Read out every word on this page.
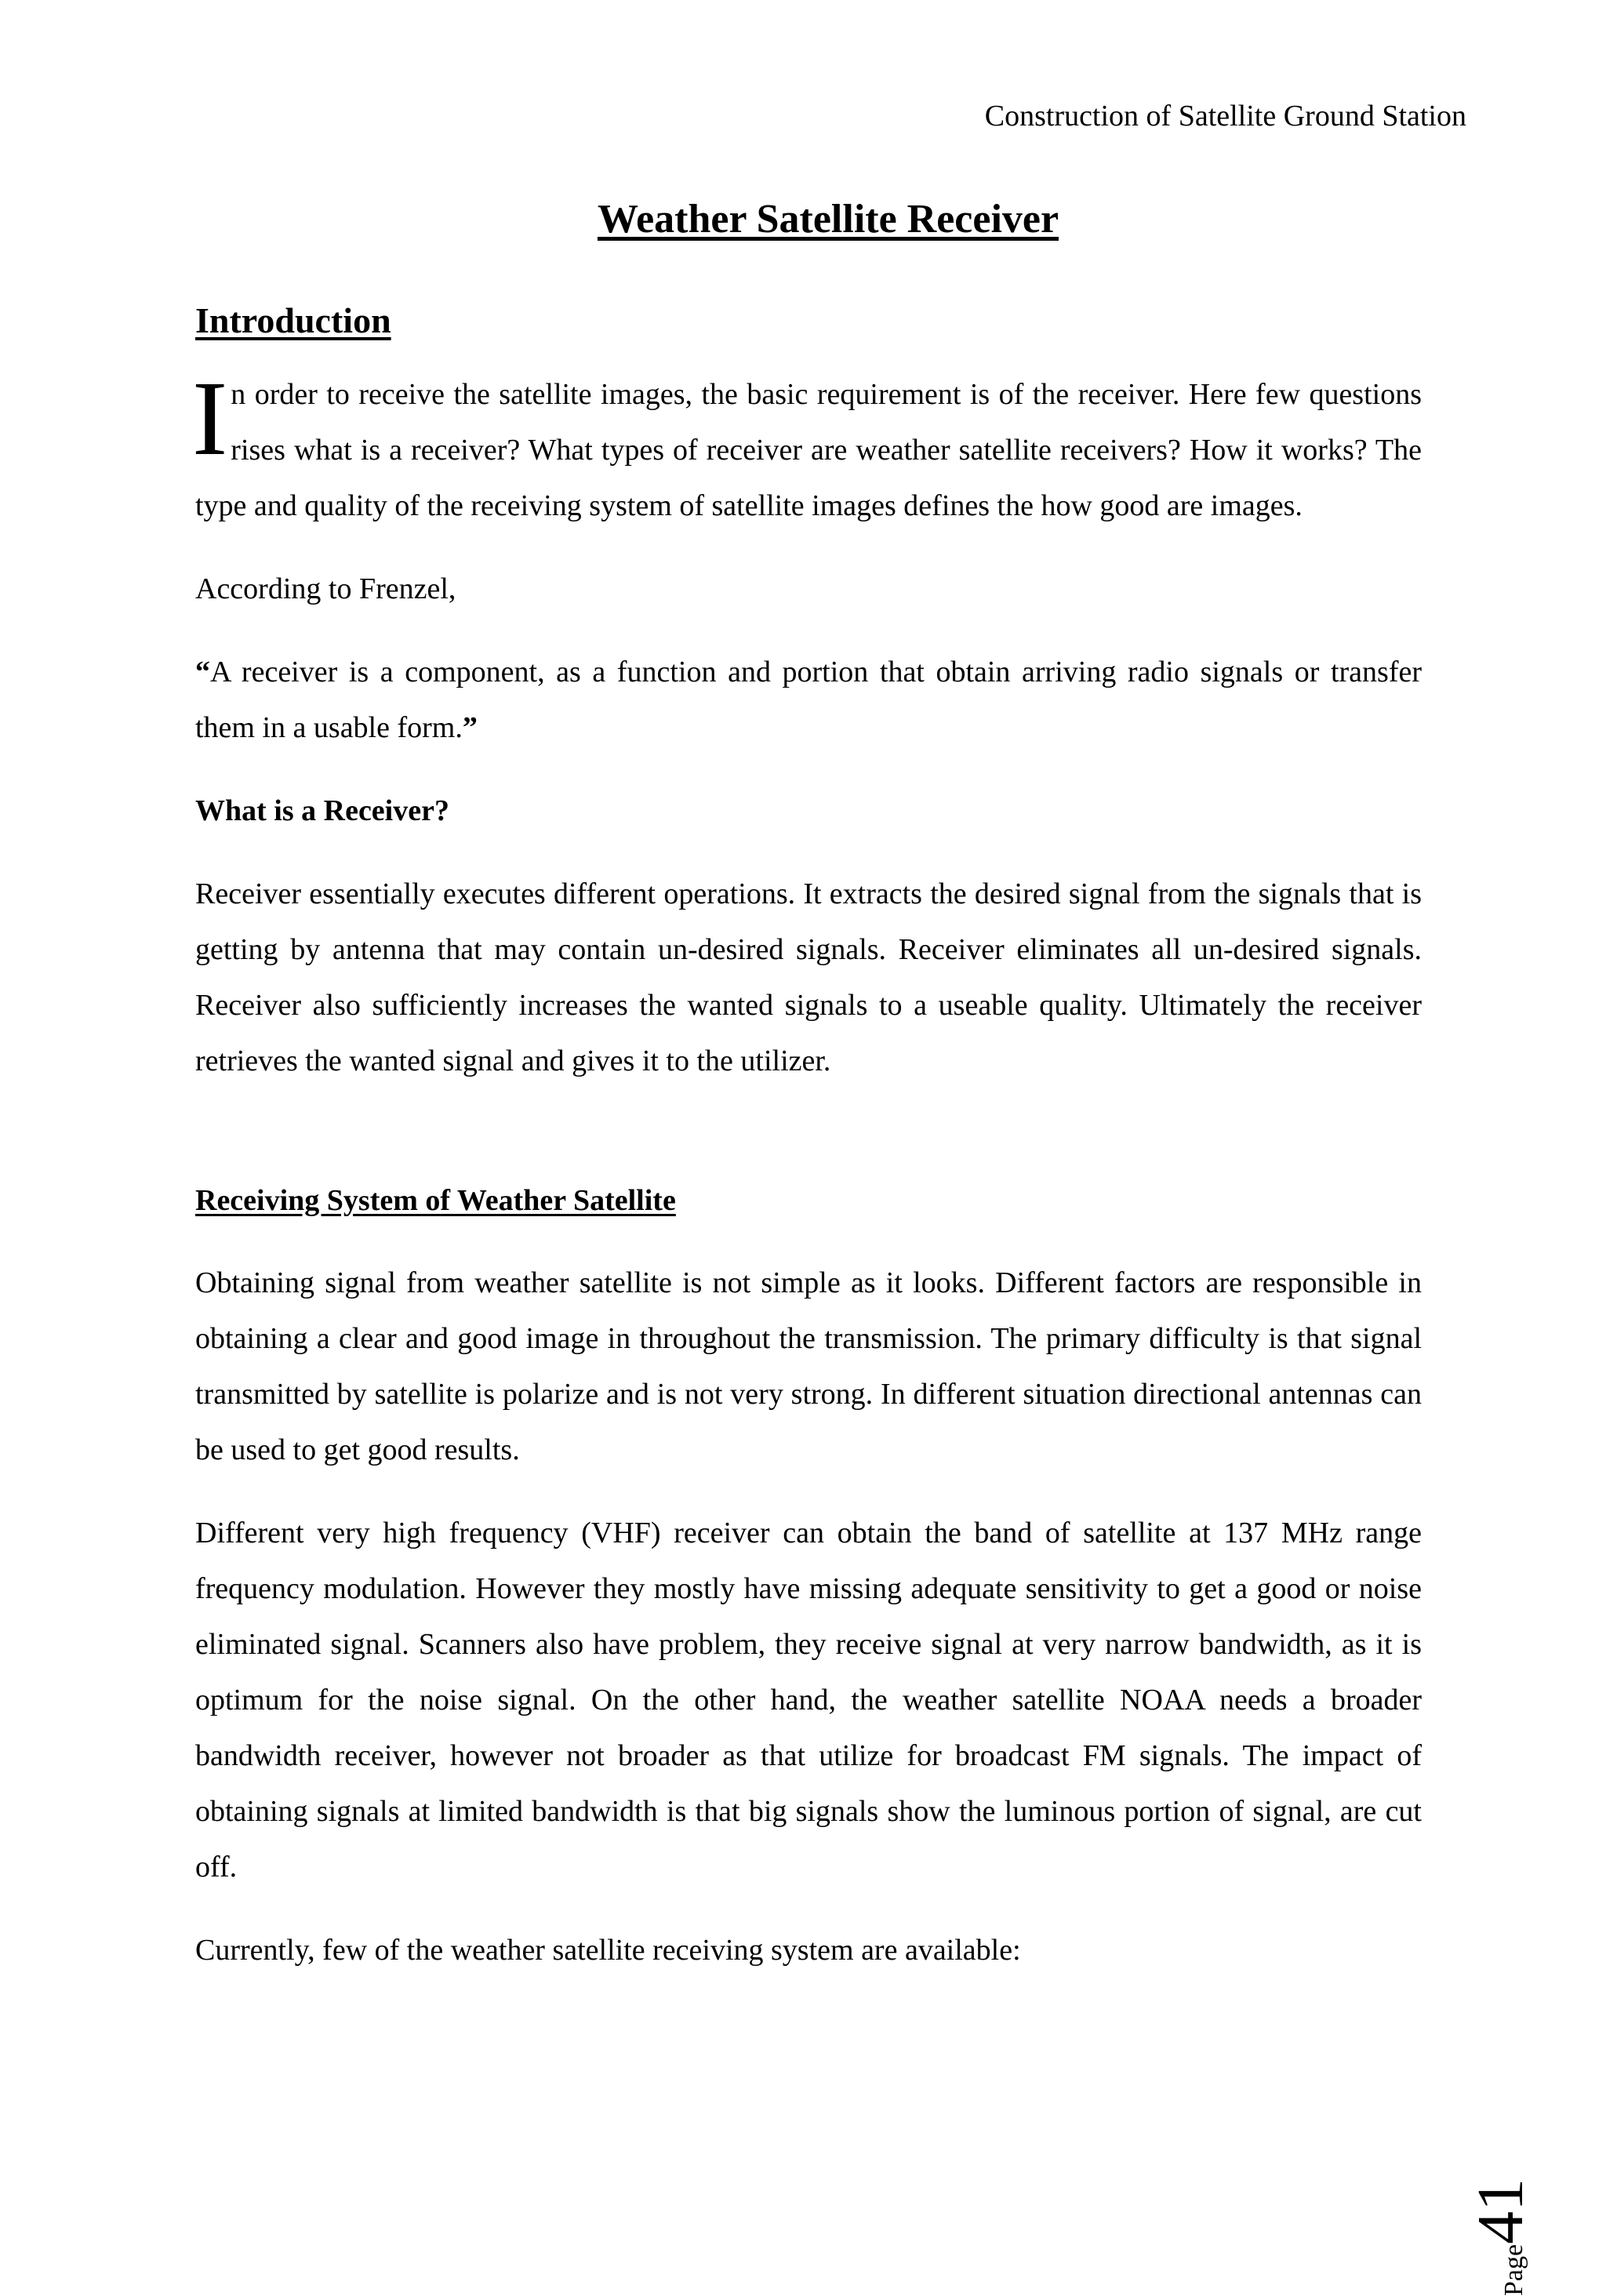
Construction of Satellite Ground Station
Weather Satellite Receiver
Introduction

In order to receive the satellite images, the basic requirement is of the receiver. Here few questions rises what is a receiver? What types of receiver are weather satellite receivers? How it works? The type and quality of the receiving system of satellite images defines the how good are images.

According to Frenzel,

“A receiver is a component, as a function and portion that obtain arriving radio signals or transfer them in a usable form.”

What is a Receiver?

Receiver essentially executes different operations. It extracts the desired signal from the signals that is getting by antenna that may contain un-desired signals. Receiver eliminates all un-desired signals. Receiver also sufficiently increases the wanted signals to a useable quality. Ultimately the receiver retrieves the wanted signal and gives it to the utilizer.

Receiving System of Weather Satellite

Obtaining signal from weather satellite is not simple as it looks. Different factors are responsible in obtaining a clear and good image in throughout the transmission. The primary difficulty is that signal transmitted by satellite is polarize and is not very strong. In different situation directional antennas can be used to get good results.

Different very high frequency (VHF) receiver can obtain the band of satellite at 137 MHz range frequency modulation. However they mostly have missing adequate sensitivity to get a good or noise eliminated signal. Scanners also have problem, they receive signal at very narrow bandwidth, as it is optimum for the noise signal. On the other hand, the weather satellite NOAA needs a broader bandwidth receiver, however not broader as that utilize for broadcast FM signals. The impact of obtaining signals at limited bandwidth is that big signals show the luminous portion of signal, are cut off.

Currently, few of the weather satellite receiving system are available:

Page41
